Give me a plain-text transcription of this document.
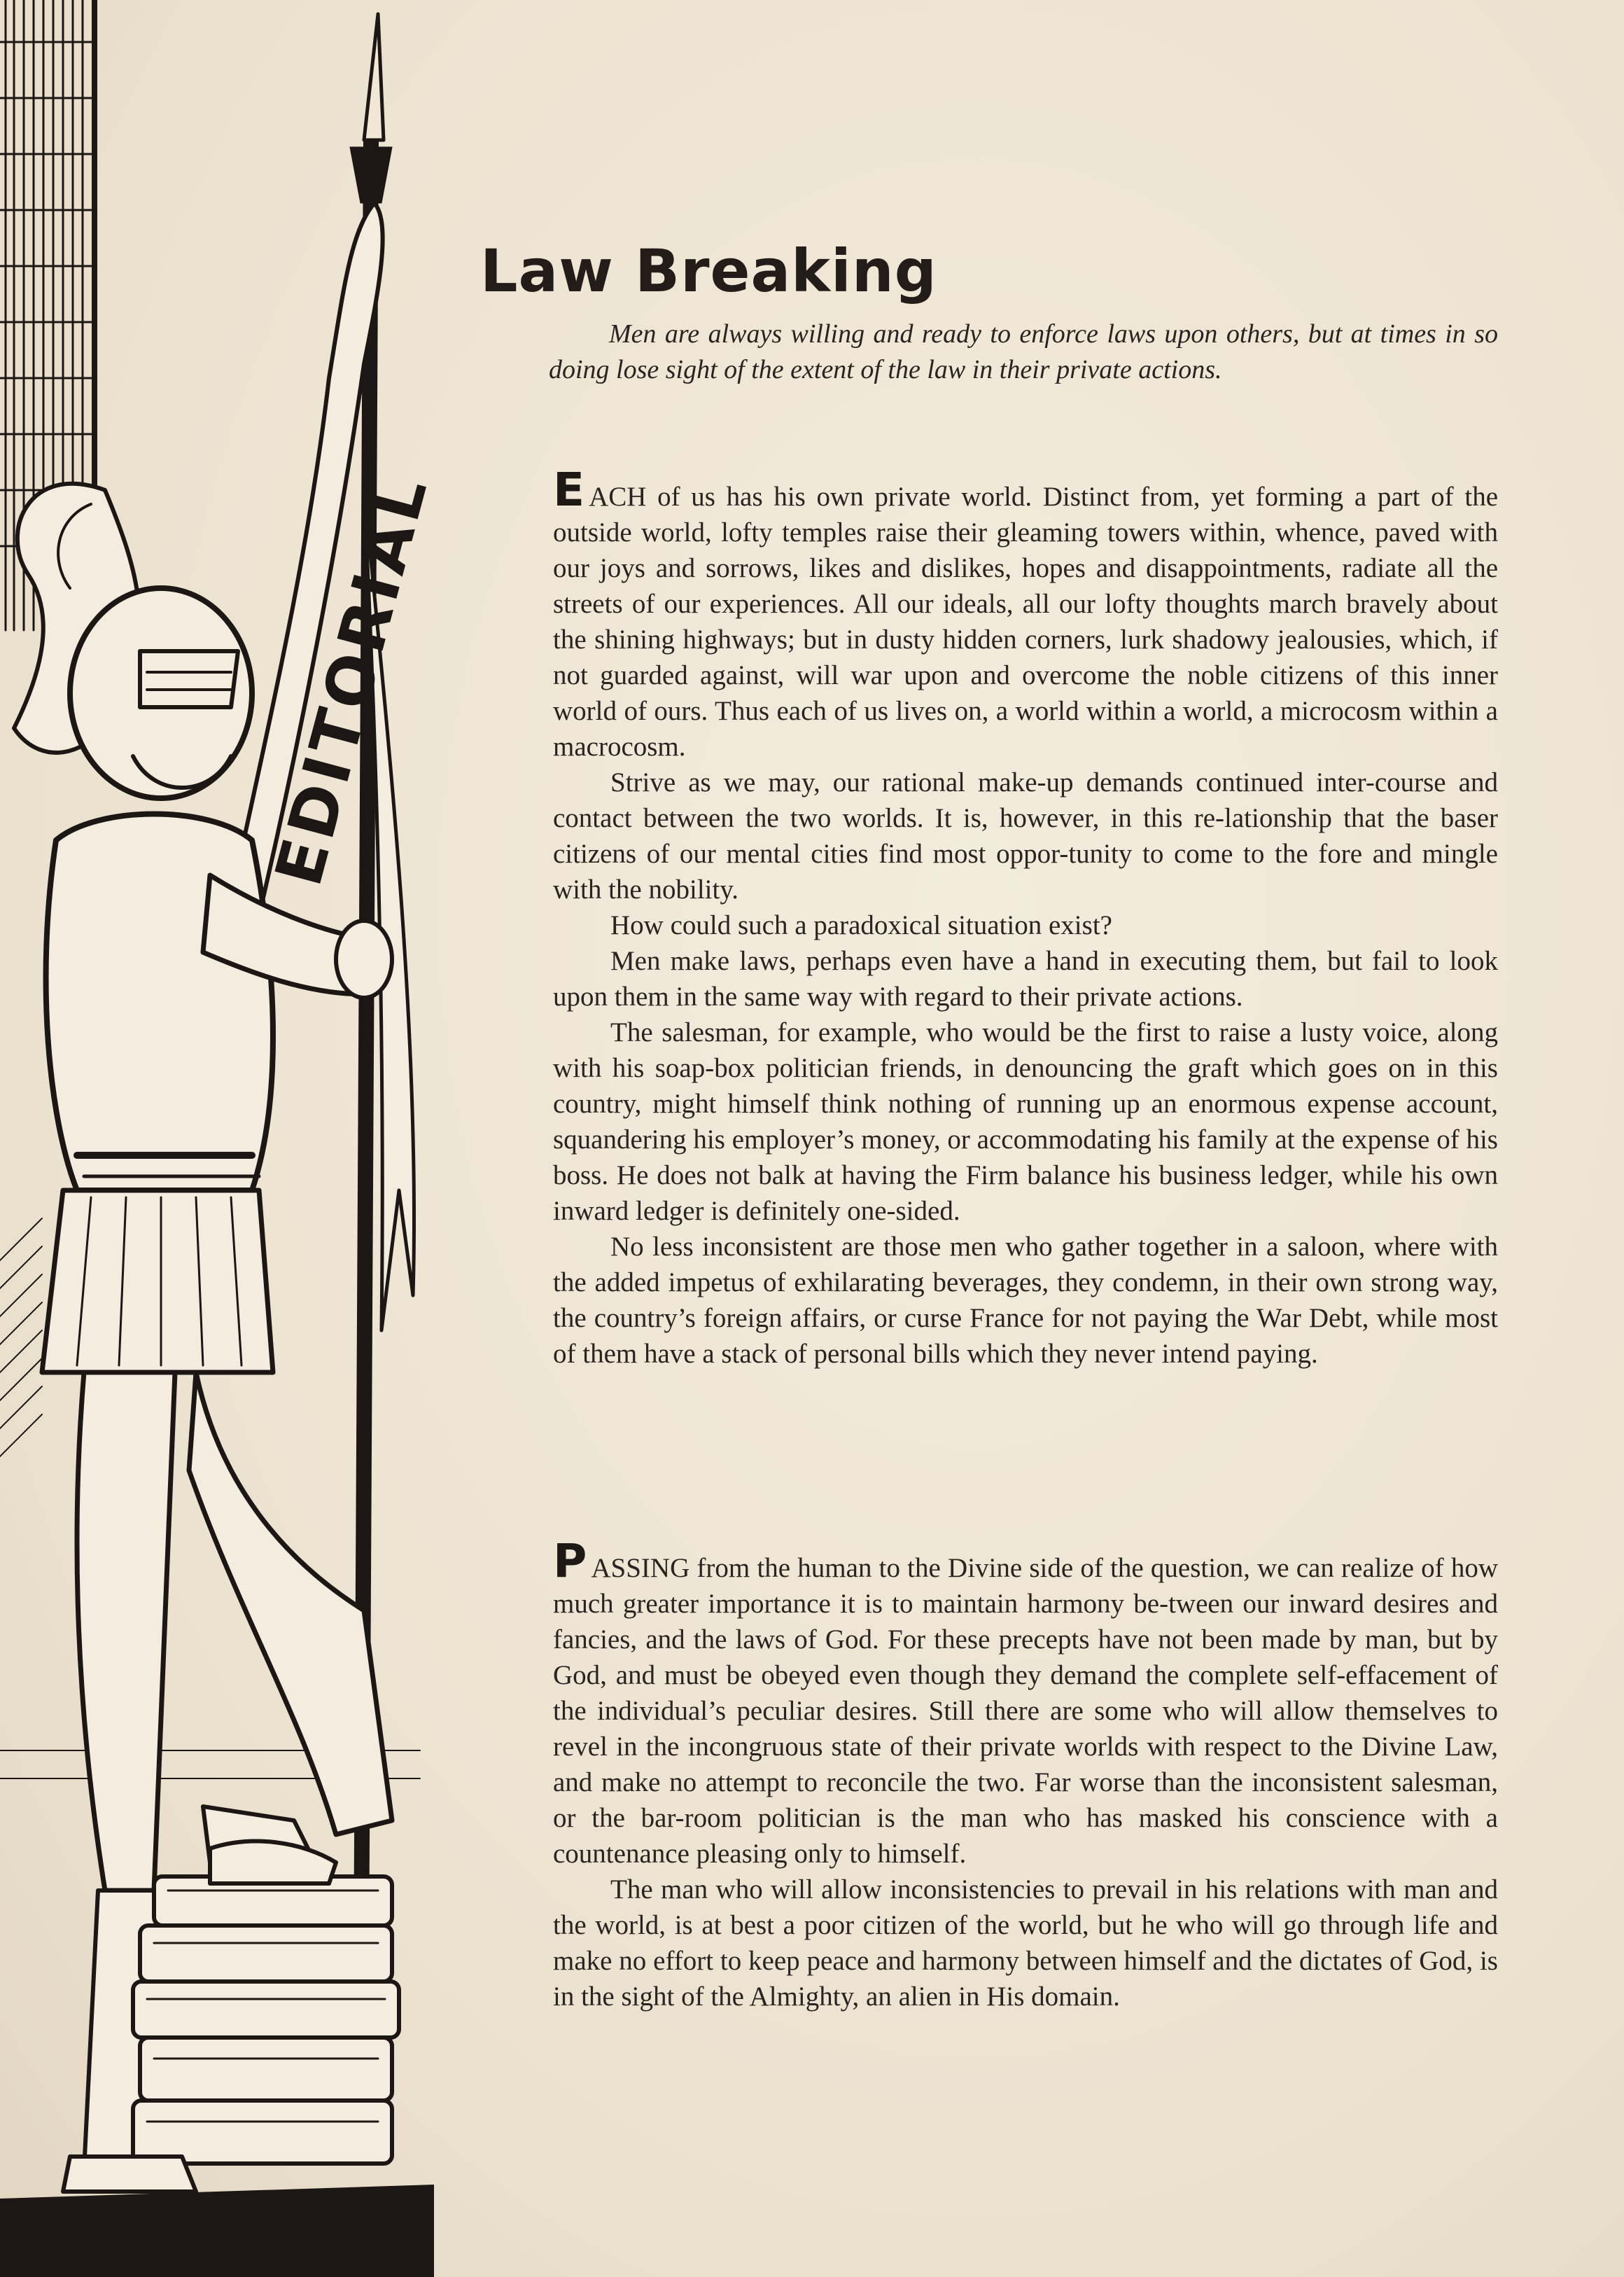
EDITORIAL
Law Breaking

Men are always willing and ready to enforce laws upon others, but at times in so doing lose sight of the extent of the law in their private actions.

EACH of us has his own private world. Distinct from, yet forming a part of the outside world, lofty temples raise their gleaming towers within, whence, paved with our joys and sorrows, likes and dislikes, hopes and disappointments, radiate all the streets of our experiences. All our ideals, all our lofty thoughts march bravely about the shining highways; but in dusty hidden corners, lurk shadowy jealousies, which, if not guarded against, will war upon and overcome the noble citizens of this inner world of ours. Thus each of us lives on, a world within a world, a microcosm within a macrocosm.

Strive as we may, our rational make-up demands continued inter-course and contact between the two worlds. It is, however, in this re-lationship that the baser citizens of our mental cities find most oppor-tunity to come to the fore and mingle with the nobility.

How could such a paradoxical situation exist?

Men make laws, perhaps even have a hand in executing them, but fail to look upon them in the same way with regard to their private actions.

The salesman, for example, who would be the first to raise a lusty voice, along with his soap-box politician friends, in denouncing the graft which goes on in this country, might himself think nothing of running up an enormous expense account, squandering his employer’s money, or accommodating his family at the expense of his boss. He does not balk at having the Firm balance his business ledger, while his own inward ledger is definitely one-sided.

No less inconsistent are those men who gather together in a saloon, where with the added impetus of exhilarating beverages, they condemn, in their own strong way, the country’s foreign affairs, or curse France for not paying the War Debt, while most of them have a stack of personal bills which they never intend paying.

PASSING from the human to the Divine side of the question, we can realize of how much greater importance it is to maintain harmony be-tween our inward desires and fancies, and the laws of God. For these precepts have not been made by man, but by God, and must be obeyed even though they demand the complete self-effacement of the individual’s peculiar desires. Still there are some who will allow themselves to revel in the incongruous state of their private worlds with respect to the Divine Law, and make no attempt to reconcile the two. Far worse than the inconsistent salesman, or the bar-room politician is the man who has masked his conscience with a countenance pleasing only to himself.

The man who will allow inconsistencies to prevail in his relations with man and the world, is at best a poor citizen of the world, but he who will go through life and make no effort to keep peace and harmony between himself and the dictates of God, is in the sight of the Almighty, an alien in His domain.
